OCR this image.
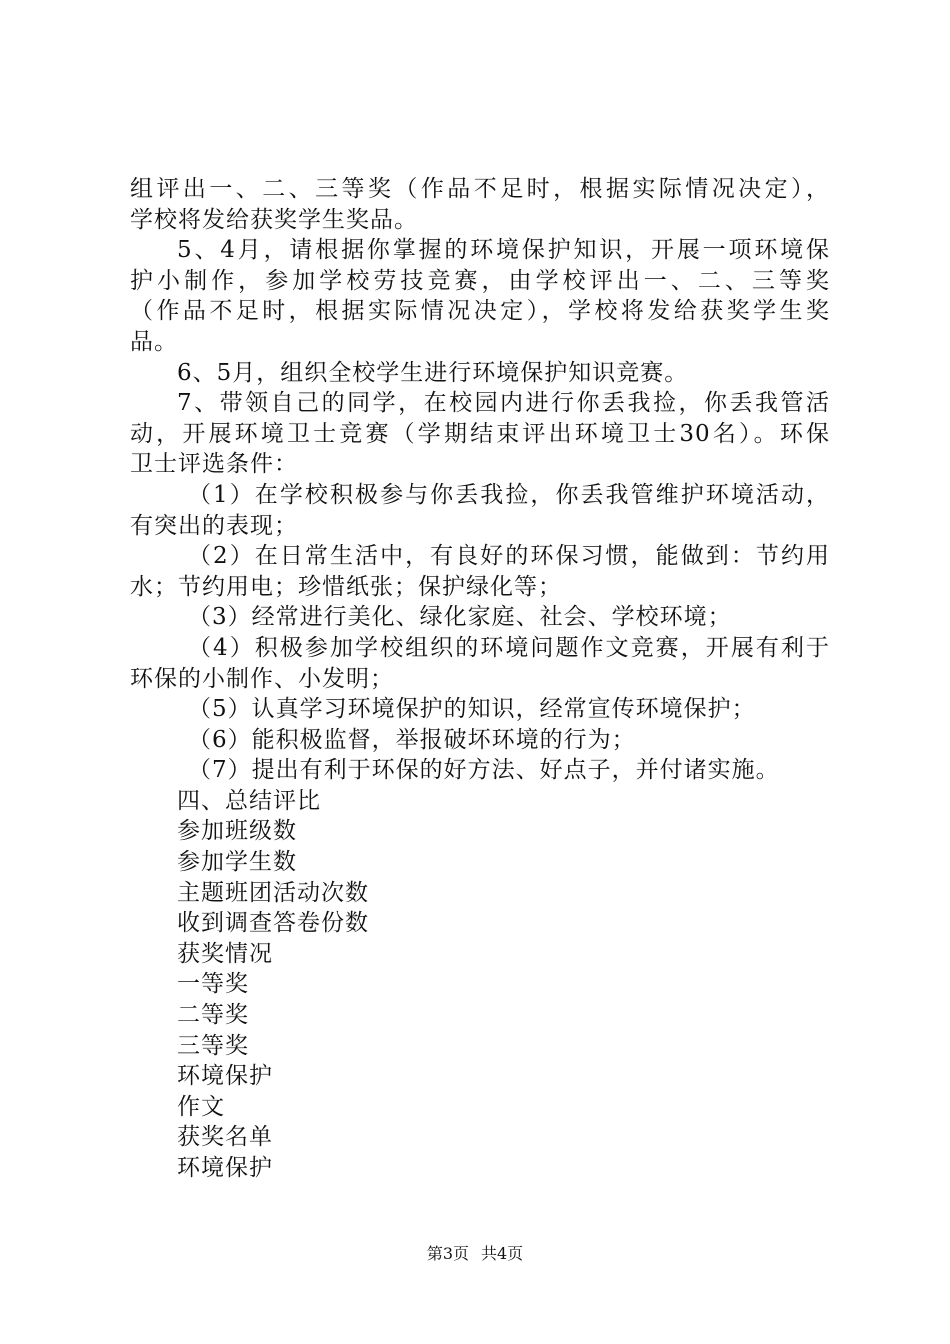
组评出一、二、三等奖（作品不足时，根据实际情况决定），
学校将发给获奖学生奖品。
5、4月，请根据你掌握的环境保护知识，开展一项环境保
护小制作，参加学校劳技竞赛，由学校评出一、二、三等奖
（作品不足时，根据实际情况决定），学校将发给获奖学生奖
品。
6、5月，组织全校学生进行环境保护知识竞赛。
7、带领自己的同学，在校园内进行你丢我捡，你丢我管活
动，开展环境卫士竞赛（学期结束评出环境卫士30名）。环保
卫士评选条件：
（1）在学校积极参与你丢我捡，你丢我管维护环境活动，
有突出的表现；
（2）在日常生活中，有良好的环保习惯，能做到：节约用
水；节约用电；珍惜纸张；保护绿化等；
（3）经常进行美化、绿化家庭、社会、学校环境；
（4）积极参加学校组织的环境问题作文竞赛，开展有利于
环保的小制作、小发明；
（5）认真学习环境保护的知识，经常宣传环境保护；
（6）能积极监督，举报破坏环境的行为；
（7）提出有利于环保的好方法、好点子，并付诸实施。
四、总结评比
参加班级数
参加学生数
主题班团活动次数
收到调查答卷份数
获奖情况
一等奖
二等奖
三等奖
环境保护
作文
获奖名单
环境保护
第3页 共4页
